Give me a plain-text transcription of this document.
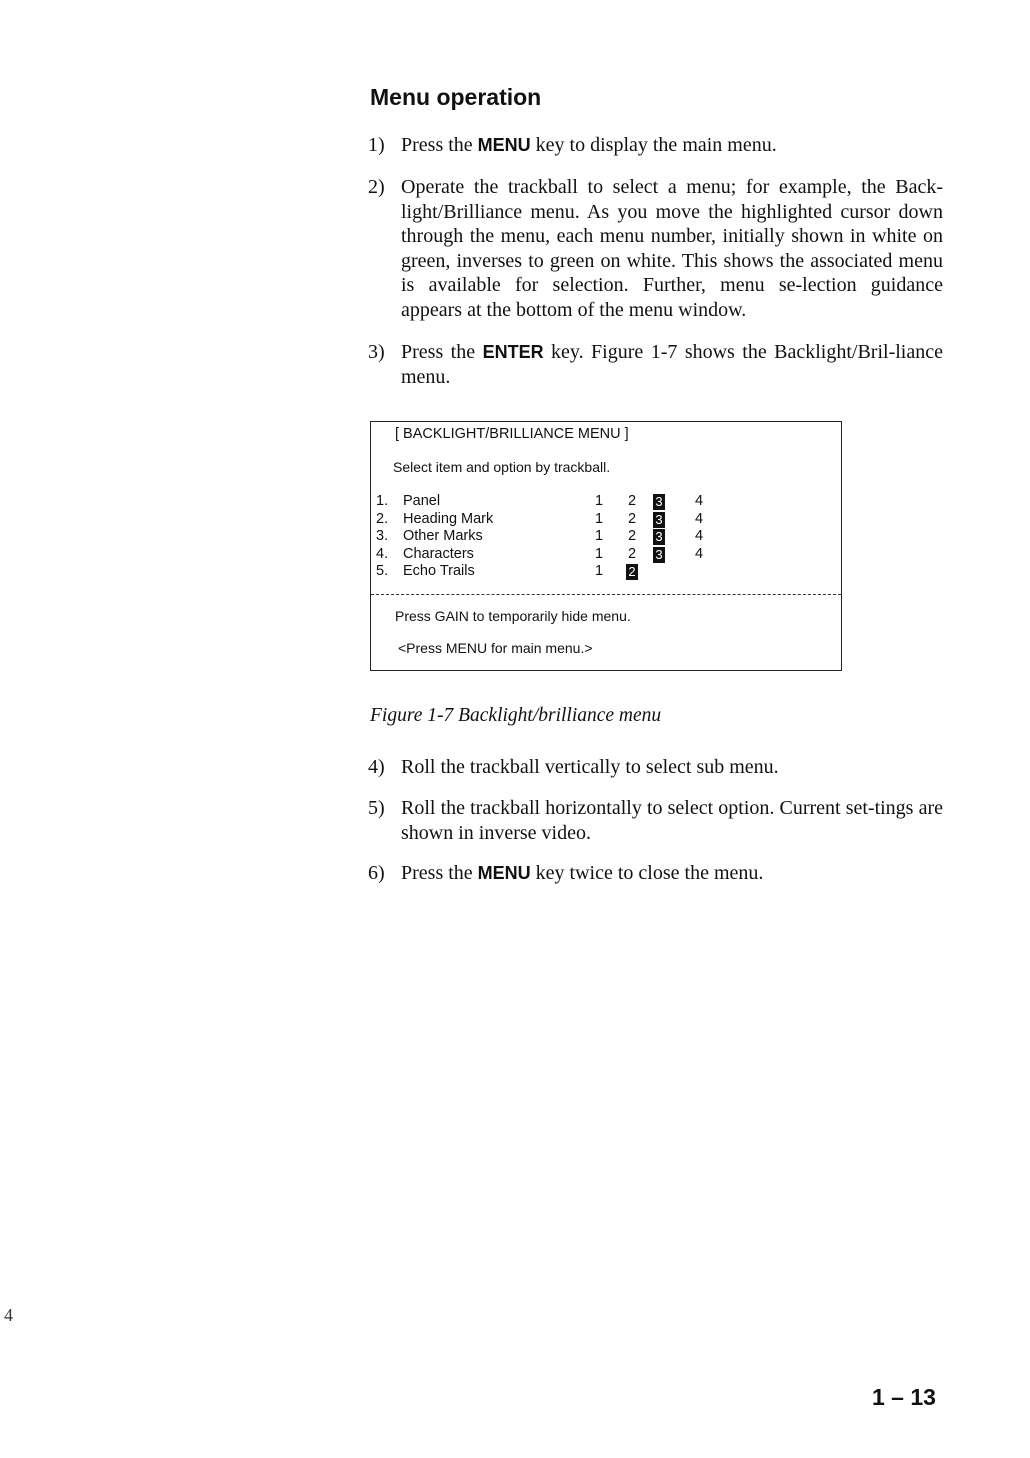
Menu operation
1) Press the MENU key to display the main menu.
2) Operate the trackball to select a menu; for example, the Back-light/Brilliance menu. As you move the highlighted cursor down through the menu, each menu number, initially shown in white on green, inverses to green on white. This shows the associated menu is available for selection. Further, menu se-lection guidance appears at the bottom of the menu window.
3) Press the ENTER key. Figure 1-7 shows the Backlight/Bril-liance menu.
[ BACKLIGHT/BRILLIANCE MENU ]
Select item and option by trackball.
1. Panel	1 2 3 4
2. Heading Mark	1 2 3 4
3. Other Marks	1 2 3 4
4. Characters	1 2 3 4
5. Echo Trails	1 2
Press GAIN to temporarily hide menu.
<Press MENU for main menu.>
Figure 1-7 Backlight/brilliance menu
4) Roll the trackball vertically to select sub menu.
5) Roll the trackball horizontally to select option. Current set-tings are shown in inverse video.
6) Press the MENU key twice to close the menu.
4
1 – 13
